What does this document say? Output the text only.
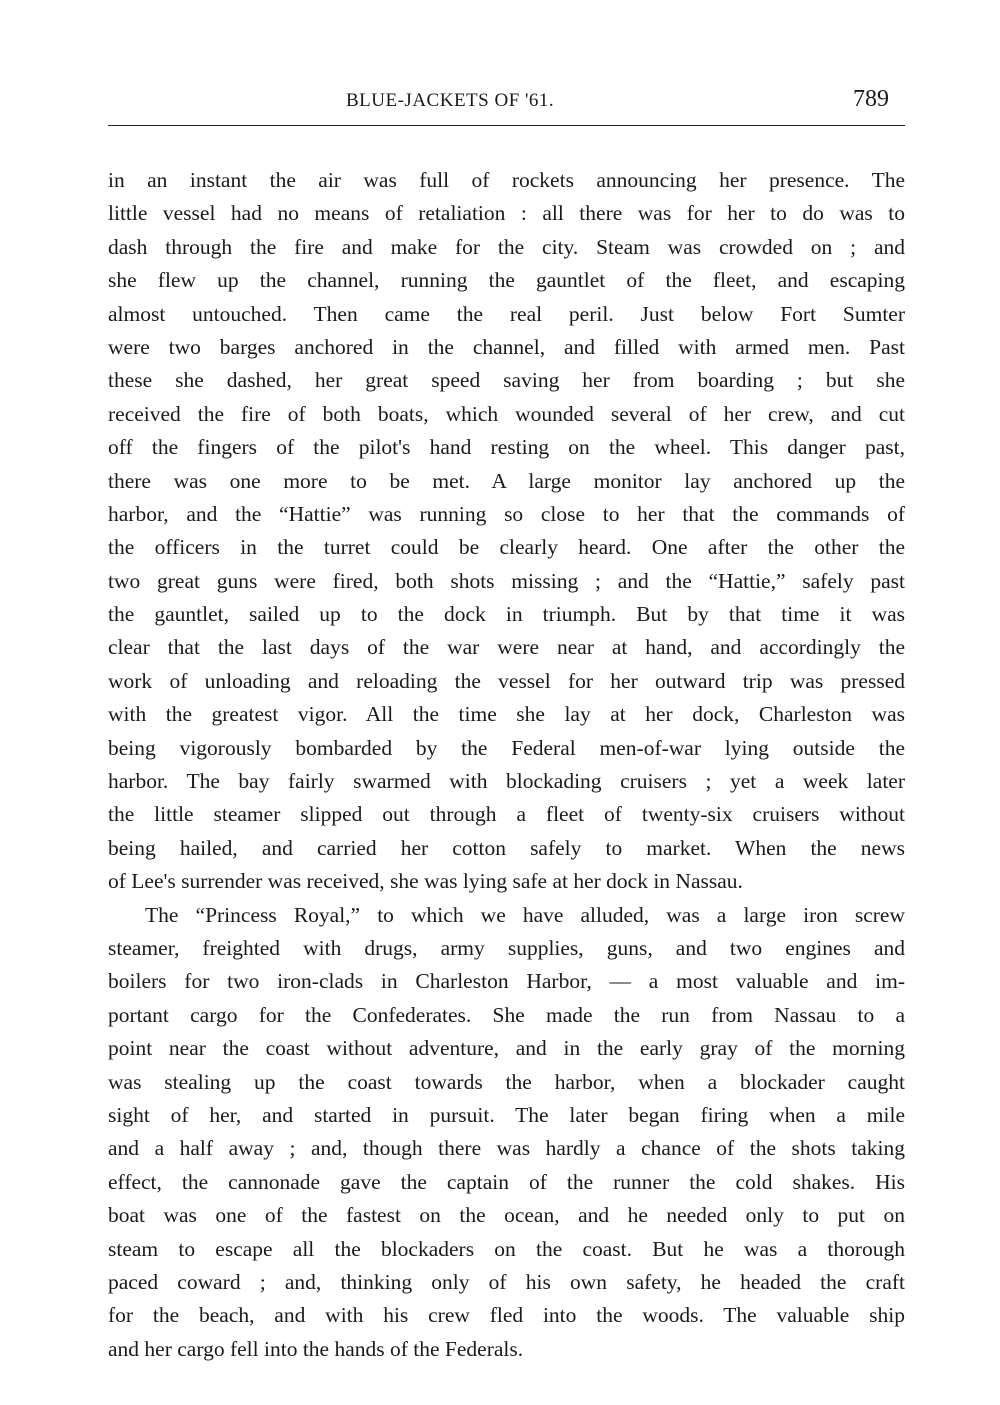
BLUE-JACKETS OF '61.	789
in an instant the air was full of rockets announcing her presence. The
little vessel had no means of retaliation : all there was for her to do was to
dash through the fire and make for the city. Steam was crowded on ; and
she flew up the channel, running the gauntlet of the fleet, and escaping
almost untouched. Then came the real peril. Just below Fort Sumter
were two barges anchored in the channel, and filled with armed men. Past
these she dashed, her great speed saving her from boarding ; but she
received the fire of both boats, which wounded several of her crew, and cut
off the fingers of the pilot's hand resting on the wheel. This danger past,
there was one more to be met. A large monitor lay anchored up the
harbor, and the “Hattie” was running so close to her that the commands of
the officers in the turret could be clearly heard. One after the other the
two great guns were fired, both shots missing ; and the “Hattie,” safely past
the gauntlet, sailed up to the dock in triumph. But by that time it was
clear that the last days of the war were near at hand, and accordingly the
work of unloading and reloading the vessel for her outward trip was pressed
with the greatest vigor. All the time she lay at her dock, Charleston was
being vigorously bombarded by the Federal men-of-war lying outside the
harbor. The bay fairly swarmed with blockading cruisers ; yet a week later
the little steamer slipped out through a fleet of twenty-six cruisers without
being hailed, and carried her cotton safely to market. When the news
of Lee's surrender was received, she was lying safe at her dock in Nassau.
The “Princess Royal,” to which we have alluded, was a large iron screw
steamer, freighted with drugs, army supplies, guns, and two engines and
boilers for two iron-clads in Charleston Harbor, — a most valuable and im-
portant cargo for the Confederates. She made the run from Nassau to a
point near the coast without adventure, and in the early gray of the morning
was stealing up the coast towards the harbor, when a blockader caught
sight of her, and started in pursuit. The later began firing when a mile
and a half away ; and, though there was hardly a chance of the shots taking
effect, the cannonade gave the captain of the runner the cold shakes. His
boat was one of the fastest on the ocean, and he needed only to put on
steam to escape all the blockaders on the coast. But he was a thorough
paced coward ; and, thinking only of his own safety, he headed the craft
for the beach, and with his crew fled into the woods. The valuable ship
and her cargo fell into the hands of the Federals.
